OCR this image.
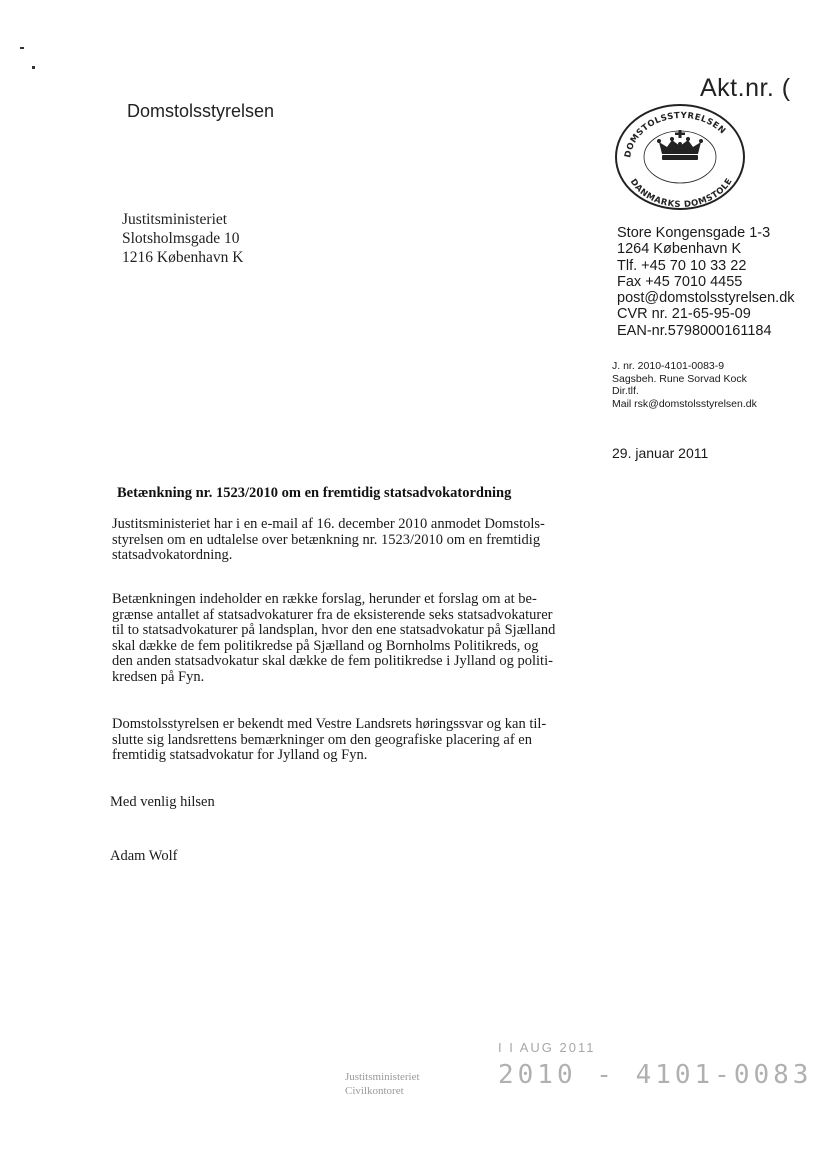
Akt.nr. (
Domstolsstyrelsen
DOMSTOLSSTYRELSEN
DANMARKS DOMSTOLE
Justitsministeriet
Slotsholmsgade 10
1216 København K
Store Kongensgade 1-3
1264 København K
Tlf. +45 70 10 33 22
Fax +45 7010 4455
post@domstolsstyrelsen.dk
CVR nr. 21-65-95-09
EAN-nr.5798000161184
J. nr. 2010-4101-0083-9
Sagsbeh. Rune Sorvad Kock
Dir.tlf.
Mail rsk@domstolsstyrelsen.dk
29. januar 2011
Betænkning nr. 1523/2010 om en fremtidig statsadvokatordning
Justitsministeriet har i en e-mail af 16. december 2010 anmodet Domstols-
styrelsen om en udtalelse over betænkning nr. 1523/2010 om en fremtidig
statsadvokatordning.
Betænkningen indeholder en række forslag, herunder et forslag om at be-
grænse antallet af statsadvokaturer fra de eksisterende seks statsadvokaturer
til to statsadvokaturer på landsplan, hvor den ene statsadvokatur på Sjælland
skal dække de fem politikredse på Sjælland og Bornholms Politikreds, og
den anden statsadvokatur skal dække de fem politikredse i Jylland og politi-
kredsen på Fyn.
Domstolsstyrelsen er bekendt med Vestre Landsrets høringssvar og kan til-
slutte sig landsrettens bemærkninger om den geografiske placering af en
fremtidig statsadvokatur for Jylland og Fyn.
Med venlig hilsen
Adam Wolf
Justitsministeriet
Civilkontoret
I I AUG 2011
2010 - 4101-0083
